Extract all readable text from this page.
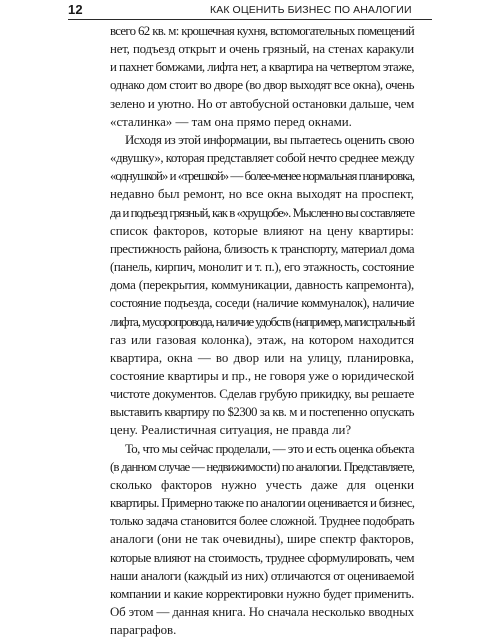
12	КАК ОЦЕНИТЬ БИЗНЕС ПО АНАЛОГИИ
всего 62 кв. м: крошечная кухня, вспомогательных помещений
нет, подъезд открыт и очень грязный, на стенах каракули
и пахнет бомжами, лифта нет, а квартира на четвертом этаже,
однако дом стоит во дворе (во двор выходят все окна), очень
зелено и уютно. Но от автобусной остановки дальше, чем
«сталинка» — там она прямо перед окнами.
Исходя из этой информации, вы пытаетесь оценить свою
«двушку», которая представляет собой нечто среднее между
«однушкой» и «трешкой» — более-менее нормальная планировка,
недавно был ремонт, но все окна выходят на проспект,
да и подъезд грязный, как в «хрущобе». Мысленно вы составляете
список факторов, которые влияют на цену квартиры:
престижность района, близость к транспорту, материал дома
(панель, кирпич, монолит и т. п.), его этажность, состояние
дома (перекрытия, коммуникации, давность капремонта),
состояние подъезда, соседи (наличие коммуналок), наличие
лифта, мусоропровода, наличие удобств (например, магистральный
газ или газовая колонка), этаж, на котором находится
квартира, окна — во двор или на улицу, планировка,
состояние квартиры и пр., не говоря уже о юридической
чистоте документов. Сделав грубую прикидку, вы решаете
выставить квартиру по $2300 за кв. м и постепенно опускать
цену. Реалистичная ситуация, не правда ли?
То, что мы сейчас проделали, — это и есть оценка объекта
(в данном случае — недвижимости) по аналогии. Представляете,
сколько факторов нужно учесть даже для оценки
квартиры. Примерно также по аналогии оценивается и бизнес,
только задача становится более сложной. Труднее подобрать
аналоги (они не так очевидны), шире спектр факторов,
которые влияют на стоимость, труднее сформулировать, чем
наши аналоги (каждый из них) отличаются от оцениваемой
компании и какие корректировки нужно будет применить.
Об этом — данная книга. Но сначала несколько вводных
параграфов.
